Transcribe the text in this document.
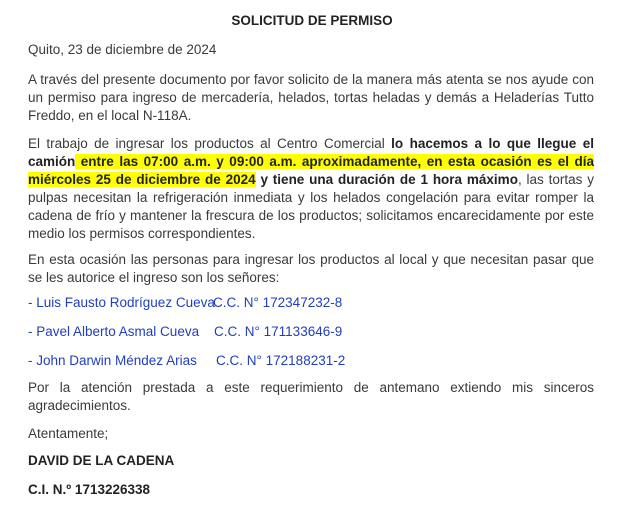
SOLICITUD DE PERMISO
Quito, 23 de diciembre de 2024
A través del presente documento por favor solicito de la manera más atenta se nos ayude con un permiso para ingreso de mercadería, helados, tortas heladas y demás a Heladerías Tutto Freddo, en el local N-118A.
El trabajo de ingresar los productos al Centro Comercial lo hacemos a lo que llegue el camión entre las 07:00 a.m. y 09:00 a.m. aproximadamente, en esta ocasión es el día miércoles 25 de diciembre de 2024 y tiene una duración de 1 hora máximo, las tortas y pulpas necesitan la refrigeración inmediata y los helados congelación para evitar romper la cadena de frío y mantener la frescura de los productos; solicitamos encarecidamente por este medio los permisos correspondientes.
En esta ocasión las personas para ingresar los productos al local y que necesitan pasar que se les autorice el ingreso son los señores:
- Luis Fausto Rodríguez Cueva
C.C. N° 172347232-8
- Pavel Alberto Asmal Cueva C.C. N° 171133646-9
- John Darwin Méndez Arias C.C. N° 172188231-2
Por la atención prestada a este requerimiento de antemano extiendo mis sinceros agradecimientos.
Atentamente;
DAVID DE LA CADENA
C.I. N.º 1713226338
